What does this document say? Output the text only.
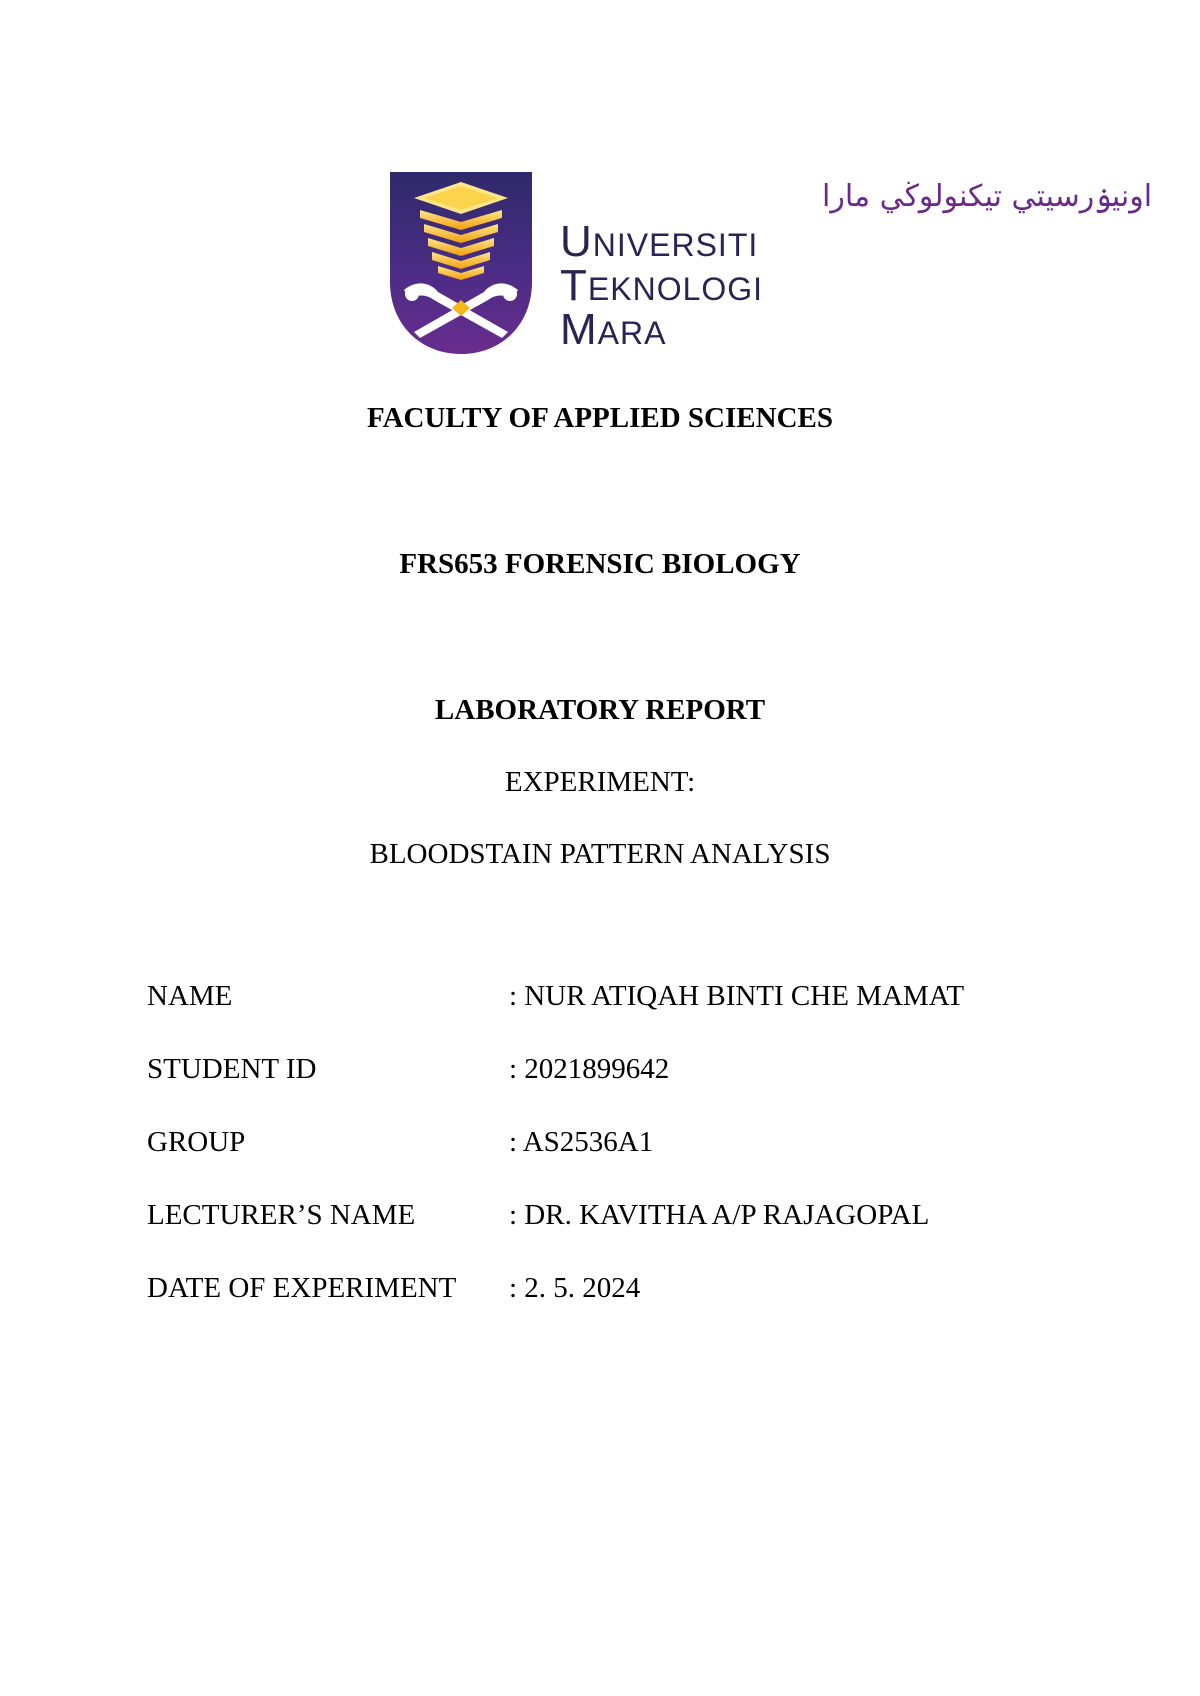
اونيۏرسيتي تيكنولوڬي مارا
UNIVERSITI
TEKNOLOGI
MARA
FACULTY OF APPLIED SCIENCES
FRS653 FORENSIC BIOLOGY
LABORATORY REPORT
EXPERIMENT:
BLOODSTAIN PATTERN ANALYSIS
NAME	: NUR ATIQAH BINTI CHE MAMAT
STUDENT ID	: 2021899642
GROUP	: AS2536A1
LECTURER’S NAME	: DR. KAVITHA A/P RAJAGOPAL
DATE OF EXPERIMENT : 2. 5. 2024
